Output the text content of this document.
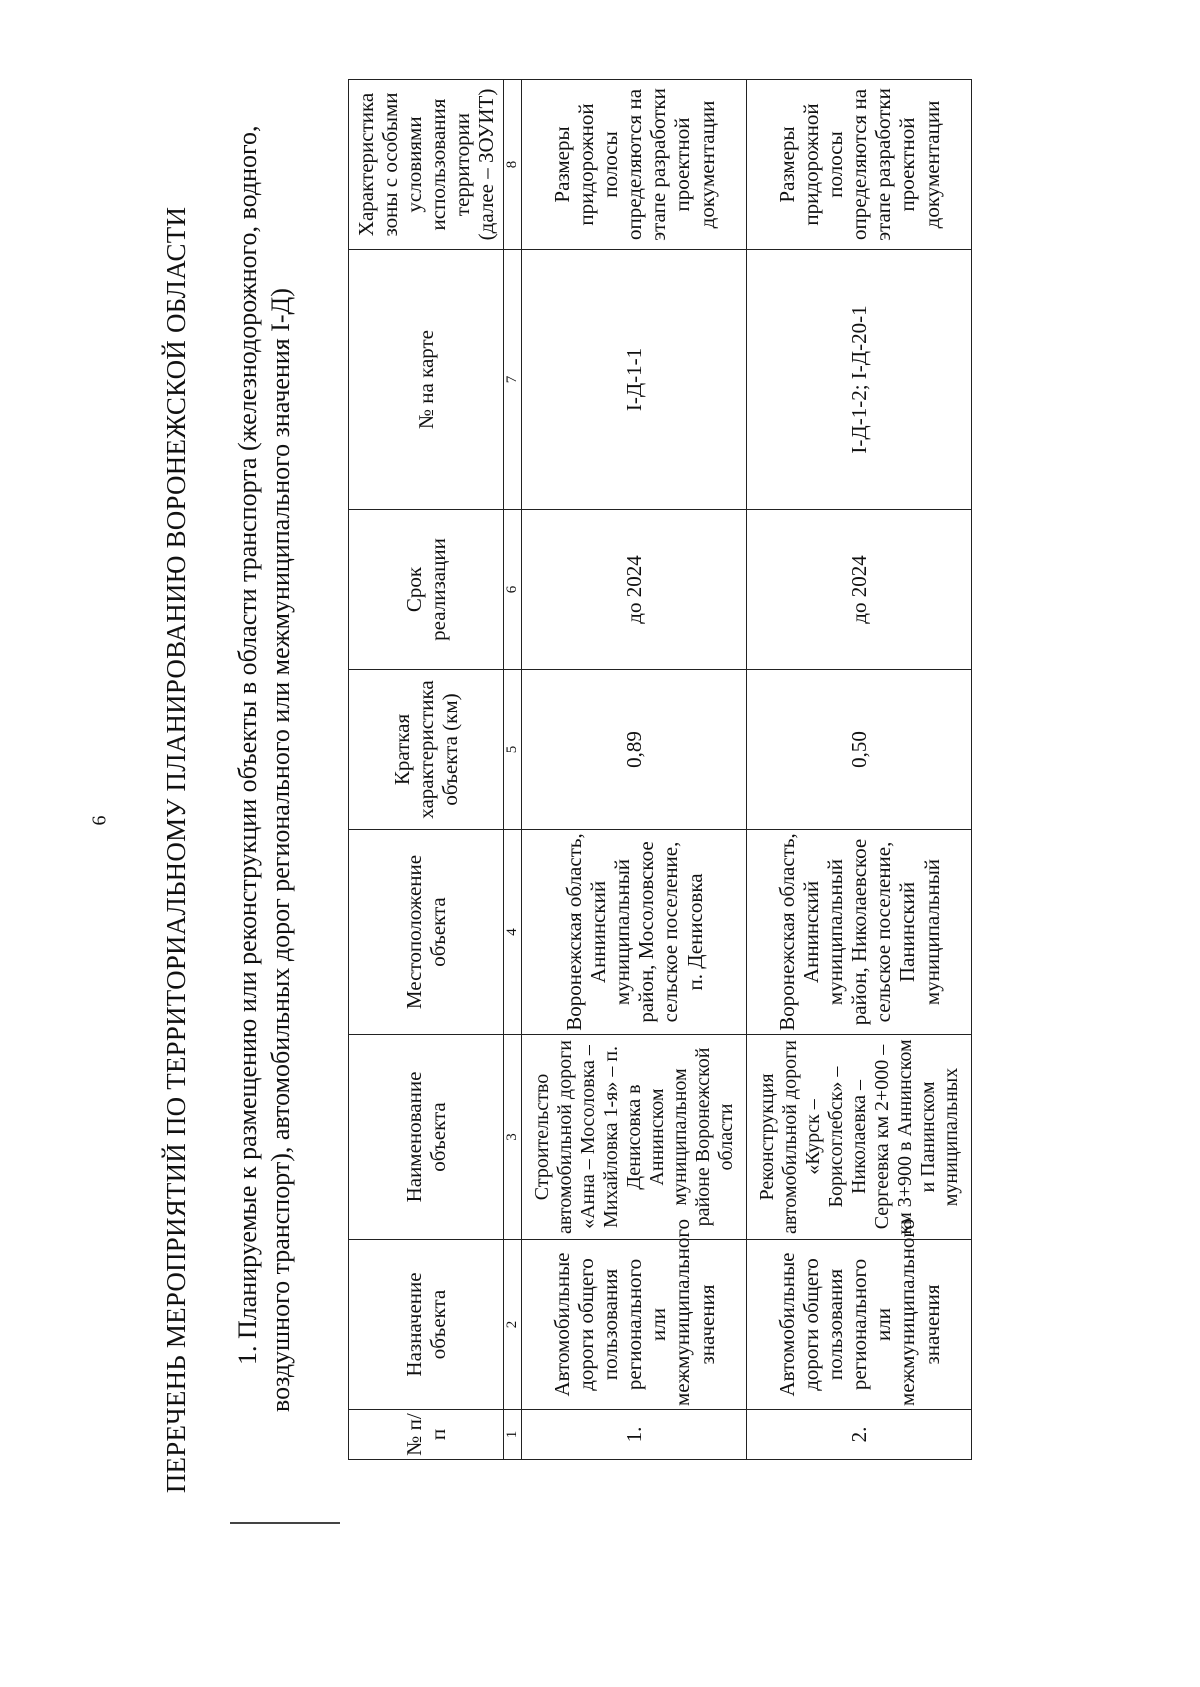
6 ПЕРЕЧЕНЬ МЕРОПРИЯТИЙ ПО ТЕРРИТОРИАЛЬНОМУ ПЛАНИРОВАНИЮ ВОРОНЕЖСКОЙ ОБЛАСТИ 1. Планируемые к размещению или реконструкции объекты в области транспорта (железнодорожного, водного, воздушного транспорт), автомобильных дорог регионального или межмуниципального значения I-Д)
№ п/п	Назначение объекта	Наименование объекта	Местоположение объекта	Краткая характеристика объекта (км)	Срок реализации	№ на карте	Характеристика зоны с особыми условиями использования территории (далее – ЗОУИТ)
1	2	3	4	5	6	7	8
1.	Автомобильные дороги общего пользования регионального или межмуниципального значения	Строительство автомобильной дороги «Анна – Мосоловка – Михайловка 1-я» – п. Денисовка в Аннинском муниципальном районе Воронежской области	Воронежская область, Аннинский муниципальный район, Мосоловское сельское поселение, п. Денисовка	0,89	до 2024	I-Д-1-1	Размеры придорожной полосы определяются на этапе разработки проектной документации
2.	Автомобильные дороги общего пользования регионального или межмуниципального значения	Реконструкция автомобильной дороги «Курск – Борисоглебск» – Николаевка – Сергеевка км 2+000 – км 3+900 в Аннинском и Панинском муниципальных	Воронежская область, Аннинский муниципальный район, Николаевское сельское поселение, Панинский муниципальный	0,50	до 2024	I-Д-1-2; I-Д-20-1	Размеры придорожной полосы определяются на этапе разработки проектной документации
